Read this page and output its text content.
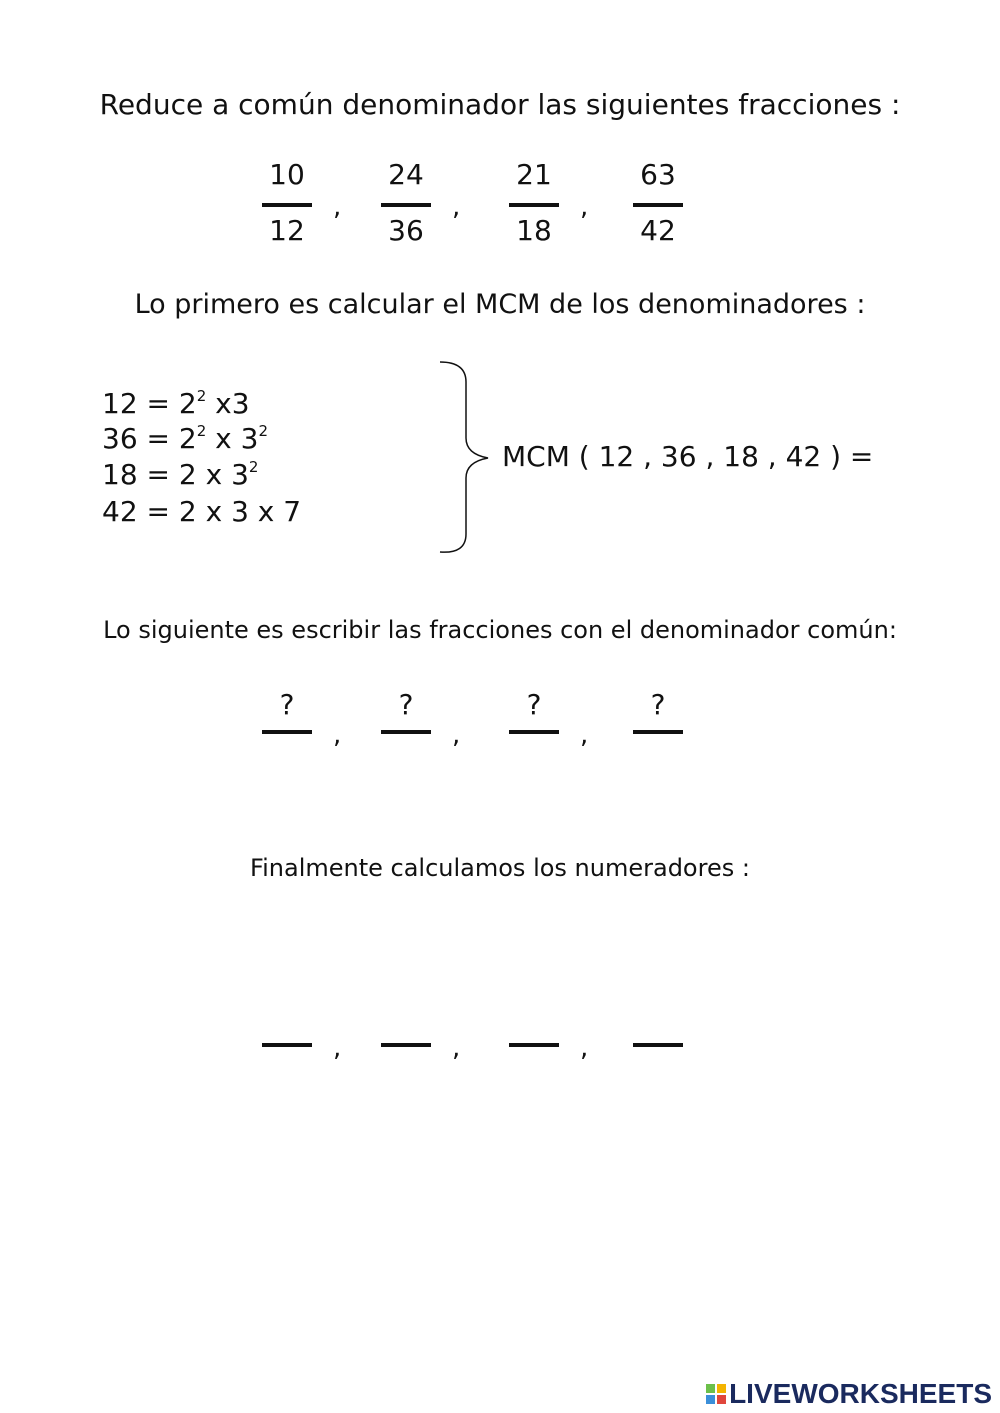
Reduce a común denominador las siguientes fracciones :
10
12
,
24
36
,
21
18
,
63
42
Lo primero es calcular el MCM de los denominadores :
$12 = 2^2$ x3
$36 = 2^2$ x $3^2$
18 = 2 x $3^2$
42 = 2 x 3 x 7
MCM ( 12 , 36 , 18 , 42 ) =
Lo siguiente es escribir las fracciones con el denominador común:
?
,
?
,
?
,
?
Finalmente calculamos los numeradores :
,	,	,
LIVEWORKSHEETS
